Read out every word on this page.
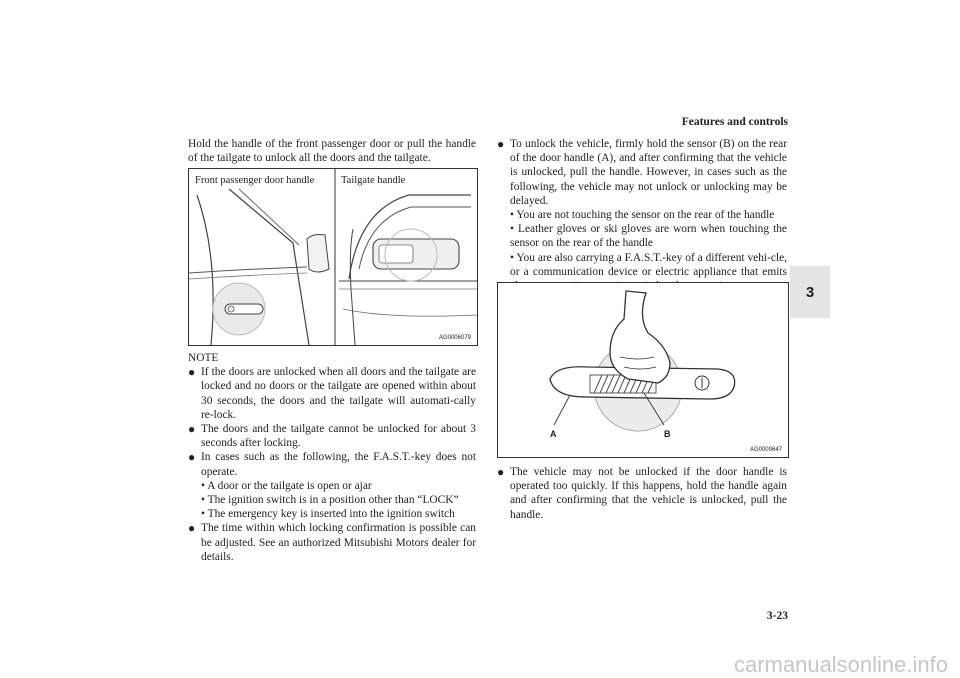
Features and controls
3
3-23

Hold the handle of the front passenger door or pull the handle of the tailgate to unlock all the doors and the tailgate.

Front passenger door handle	Tailgate handle
AG0006079

NOTE

● If the doors are unlocked when all doors and the tailgate are locked and no doors or the tailgate are opened within about 30 seconds, the doors and the tailgate will automati-cally re-lock.

● The doors and the tailgate cannot be unlocked for about 3 seconds after locking.

● In cases such as the following, the F.A.S.T.-key does not operate.

• A door or the tailgate is open or ajar

• The ignition switch is in a position other than “LOCK”

• The emergency key is inserted into the ignition switch

● The time within which locking confirmation is possible can be adjusted. See an authorized Mitsubishi Motors dealer for details.

● To unlock the vehicle, firmly hold the sensor (B) on the rear of the door handle (A), and after confirming that the vehicle is unlocked, pull the handle. However, in cases such as the following, the vehicle may not unlock or unlocking may be delayed.

• You are not touching the sensor on the rear of the handle

• Leather gloves or ski gloves are worn when touching the sensor on the rear of the handle

• You are also carrying a F.A.S.T.-key of a different vehi-cle, or a communication device or electric appliance that emits

A	B
AG0009647
● The vehicle may not be unlocked if the door handle is operated too quickly. If this happens, hold the handle again and after confirming that the vehicle is unlocked, pull the handle.

carmanualsonline.info
